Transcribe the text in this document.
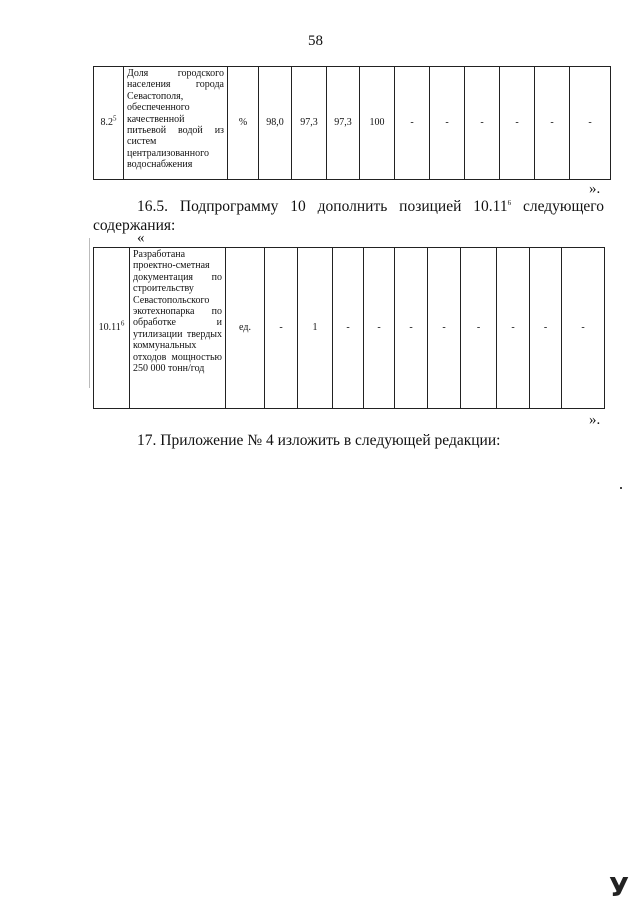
58
$8.2^5$	Доля городского населения города Севастополя, обеспеченного качественной питьевой водой из систем централизованного водоснабжения	%	98,0	97,3	97,3	100	-	-	-	-	-	-
».
16.5. Подпрограмму 10 дополнить позицией 10.11$^6$ следующего содержания:
«
10.11$^6$	Разработана проектно-сметная документация по строительству Севастопольского экотехнопарка по обработке и утилизации твердых коммунальных отходов мощностью 250 000 тонн/год	ед.	-	1	-	-	-	-	-	-	-	-
».
17. Приложение № 4 изложить в следующей редакции:
У
